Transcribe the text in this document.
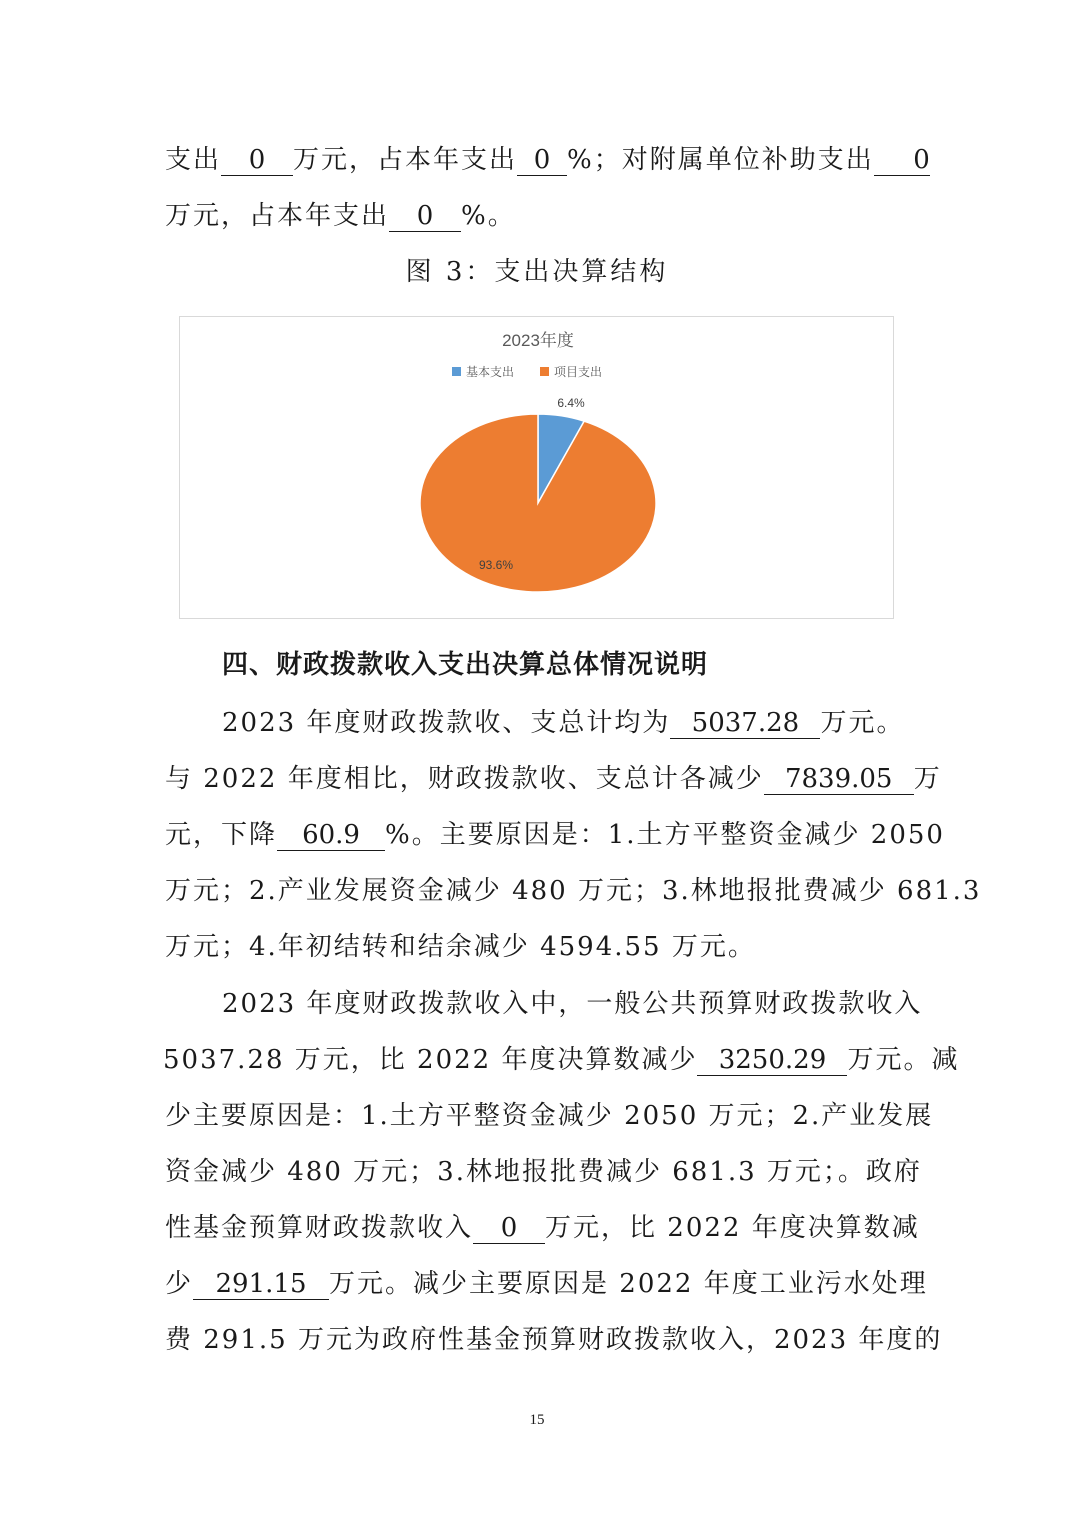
支出 0 万元，占本年支出 0 %；对附属单位补助支出 0
万元，占本年支出 0 %。
图 3：支出决算结构
2023年度
基本支出	项目支出
6.4%
93.6%
四、财政拨款收入支出决算总体情况说明
2023 年度财政拨款收、支总计均为 5037.28 万元。
与 2022 年度相比，财政拨款收、支总计各减少 7839.05 万
元，下降 60.9 %。主要原因是：1.土方平整资金减少 2050
万元；2.产业发展资金减少 480 万元；3.林地报批费减少 681.3
万元；4.年初结转和结余减少 4594.55 万元。
2023 年度财政拨款收入中，一般公共预算财政拨款收入
5037.28 万元，比 2022 年度决算数减少 3250.29 万元。减
少主要原因是：1.土方平整资金减少 2050 万元；2.产业发展
资金减少 480 万元；3.林地报批费减少 681.3 万元；。政府
性基金预算财政拨款收入 0 万元，比 2022 年度决算数减
少 291.15 万元。减少主要原因是 2022 年度工业污水处理
费 291.5 万元为政府性基金预算财政拨款收入，2023 年度的
15
